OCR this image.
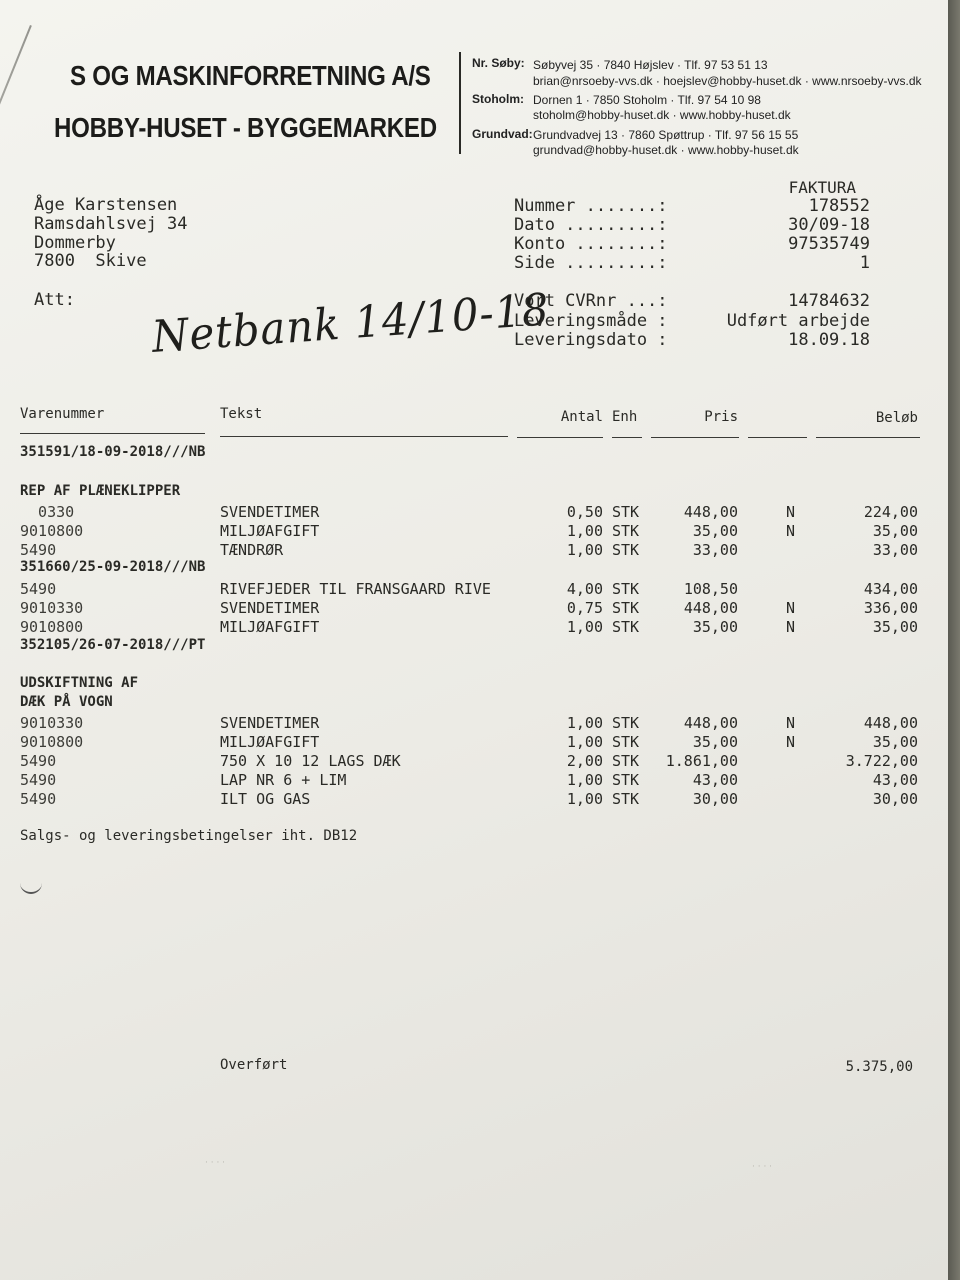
S OG MASKINFORRETNING A/S
HOBBY-HUSET - BYGGEMARKED
Nr. Søby: Søbyvej 35 · 7840 Højslev · Tlf. 97 53 51 13
brian@nrsoeby-vvs.dk · hoejslev@hobby-huset.dk · www.nrsoeby-vvs.dk
Stoholm: Dornen 1 · 7850 Stoholm · Tlf. 97 54 10 98
stoholm@hobby-huset.dk · www.hobby-huset.dk
Grundvad: Grundvadvej 13 · 7860 Spøttrup · Tlf. 97 56 15 55
grundvad@hobby-huset.dk · www.hobby-huset.dk
Åge Karstensen
Ramsdahlsvej 34
Dommerby
7800  Skive
Att: Netbank 14/10-18
FAKTURA
Nummer .......:	178552
Dato .........:	30/09-18
Konto ........:	97535749
Side .........:	1
Vort CVRnr ...:	14784632
Leveringsmåde :	Udført arbejde
Leveringsdato :	18.09.18
Varenummer	Tekst	Antal Enh	Pris	Beløb
351591/18-09-2018///NB
REP AF PLÆNEKLIPPER
351660/25-09-2018///NB
352105/26-07-2018///PT
UDSKIFTNING AF
DÆK PÅ VOGN
0330	SVENDETIMER	0,50 STK	448,00	N	224,00
9010800	MILJØAFGIFT	1,00 STK	35,00	N	35,00
5490	TÆNDRØR	1,00 STK	33,00	33,00
5490	RIVEFJEDER TIL FRANSGAARD RIVE	4,00 STK	108,50	434,00
9010330	SVENDETIMER	0,75 STK	448,00	N	336,00
9010800	MILJØAFGIFT	1,00 STK	35,00	N	35,00
9010330	SVENDETIMER	1,00 STK	448,00	N	448,00
9010800	MILJØAFGIFT	1,00 STK	35,00	N	35,00
5490	750 X 10 12 LAGS DÆK	2,00 STK 1.861,00	3.722,00
5490	LAP NR 6 + LIM	1,00 STK	43,00	43,00
5490	ILT OG GAS	1,00 STK	30,00	30,00
Salgs- og leveringsbetingelser iht. DB12
Overført	5.375,00
· · · ·	· · · ·
